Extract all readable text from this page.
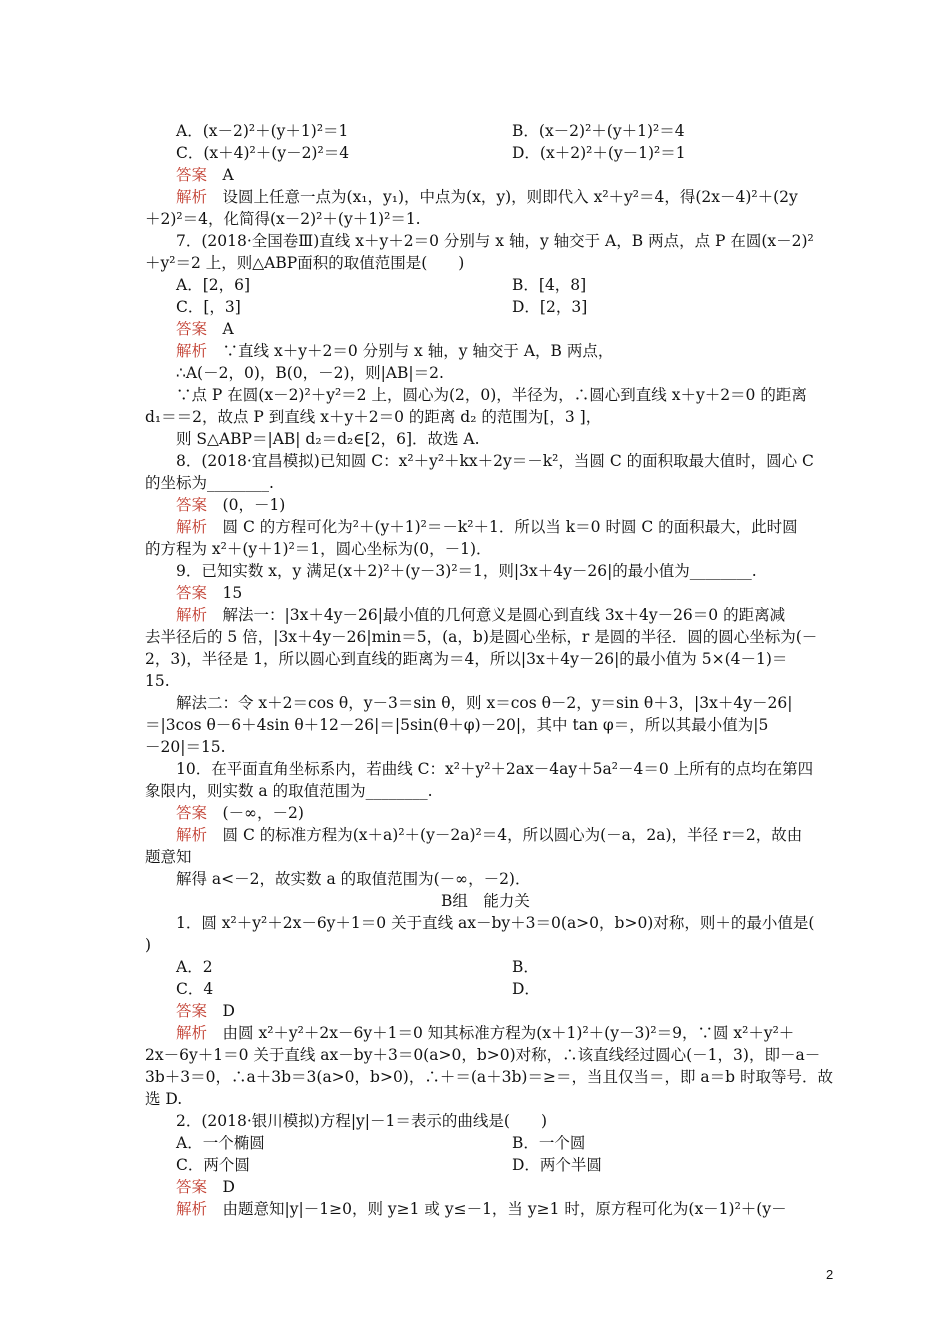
A．(x－2)²＋(y＋1)²＝1	B．(x－2)²＋(y＋1)²＝4
C．(x＋4)²＋(y－2)²＝4	D．(x＋2)²＋(y－1)²＝1
答案　 A
解析　 设圆上任意一点为(x₁，y₁)，中点为(x，y)，则即代入 x²＋y²＝4，得(2x－4)²＋(2y
＋2)²＝4，化简得(x－2)²＋(y＋1)²＝1.
7．(2018·全国卷Ⅲ)直线 x＋y＋2＝0 分别与 x 轴，y 轴交于 A，B 两点，点 P 在圆(x－2)²
＋y²＝2 上，则△ABP面积的取值范围是(　　)
A．[2，6]	B．[4，8]
C．[，3]	D．[2，3]
答案　 A
解析　 ∵直线 x＋y＋2＝0 分别与 x 轴，y 轴交于 A，B 两点，
∴A(－2，0)，B(0，－2)，则|AB|＝2.
∵点 P 在圆(x－2)²＋y²＝2 上，圆心为(2，0)，半径为，∴圆心到直线 x＋y＋2＝0 的距离
d₁＝＝2，故点 P 到直线 x＋y＋2＝0 的距离 d₂ 的范围为[，3 ]，
则 S△ABP＝|AB| d₂＝d₂∈[2，6]．故选 A.
8．(2018·宜昌模拟)已知圆 C：x²＋y²＋kx＋2y＝－k²，当圆 C 的面积取最大值时，圆心 C
的坐标为________.
答案　 (0，－1)
解析　 圆 C 的方程可化为²＋(y＋1)²＝－k²＋1．所以当 k＝0 时圆 C 的面积最大，此时圆
的方程为 x²＋(y＋1)²＝1，圆心坐标为(0，－1)．
9．已知实数 x，y 满足(x＋2)²＋(y－3)²＝1，则|3x＋4y－26|的最小值为________.
答案　 15
解析　 解法一：|3x＋4y－26|最小值的几何意义是圆心到直线 3x＋4y－26＝0 的距离减
去半径后的 5 倍，|3x＋4y－26|min＝5，(a，b)是圆心坐标，r 是圆的半径．圆的圆心坐标为(－
2，3)，半径是 1，所以圆心到直线的距离为＝4，所以|3x＋4y－26|的最小值为 5×(4－1)＝
15.
解法二：令 x＋2＝cos θ，y－3＝sin θ，则 x＝cos θ－2，y＝sin θ＋3，|3x＋4y－26|
＝|3cos θ－6＋4sin θ＋12－26|＝|5sin(θ＋φ)－20|，其中 tan φ＝，所以其最小值为|5
－20|＝15.
10．在平面直角坐标系内，若曲线 C：x²＋y²＋2ax－4ay＋5a²－4＝0 上所有的点均在第四
象限内，则实数 a 的取值范围为________.
答案　 (－∞，－2)
解析　 圆 C 的标准方程为(x＋a)²＋(y－2a)²＝4，所以圆心为(－a，2a)，半径 r＝2，故由
题意知
解得 a<－2，故实数 a 的取值范围为(－∞，－2)．
B组　能力关
1．圆 x²＋y²＋2x－6y＋1＝0 关于直线 ax－by＋3＝0(a>0，b>0)对称，则＋的最小值是(
)
A．2	B．
C．4	D．
答案　 D
解析　 由圆 x²＋y²＋2x－6y＋1＝0 知其标准方程为(x＋1)²＋(y－3)²＝9，∵圆 x²＋y²＋
2x－6y＋1＝0 关于直线 ax－by＋3＝0(a>0，b>0)对称，∴该直线经过圆心(－1，3)，即－a－
3b＋3＝0，∴a＋3b＝3(a>0，b>0)，∴＋＝(a＋3b)＝≥＝，当且仅当＝，即 a＝b 时取等号．故
选 D.
2．(2018·银川模拟)方程|y|－1＝表示的曲线是(　　)
A．一个椭圆	B．一个圆
C．两个圆	D．两个半圆
答案　 D
解析　 由题意知|y|－1≥0，则 y≥1 或 y≤－1，当 y≥1 时，原方程可化为(x－1)²＋(y－
2
